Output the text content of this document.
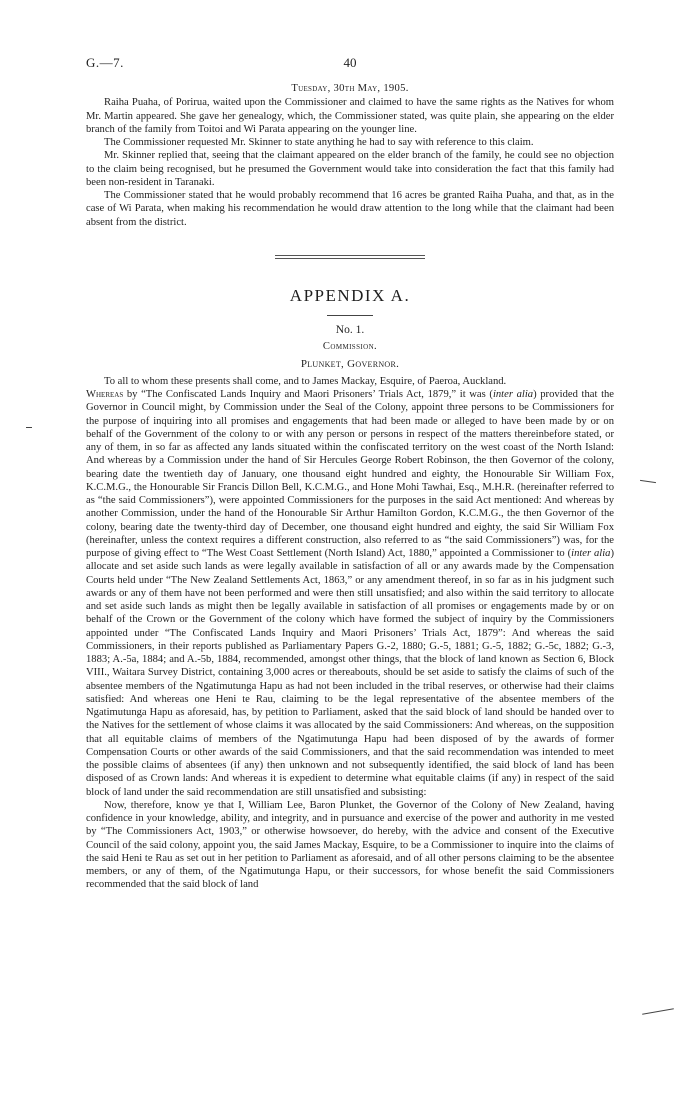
G.—7.	40
Tuesday, 30th May, 1905.

Raiha Puaha, of Porirua, waited upon the Commissioner and claimed to have the same rights as the Natives for whom Mr. Martin appeared. She gave her genealogy, which, the Commissioner stated, was quite plain, she appearing on the elder branch of the family from Toitoi and Wi Parata appearing on the younger line.

The Commissioner requested Mr. Skinner to state anything he had to say with reference to this claim.

Mr. Skinner replied that, seeing that the claimant appeared on the elder branch of the family, he could see no objection to the claim being recognised, but he presumed the Government would take into consideration the fact that this family had been non-resident in Taranaki.

The Commissioner stated that he would probably recommend that 16 acres be granted Raiha Puaha, and that, as in the case of Wi Parata, when making his recommendation he would draw attention to the long while that the claimant had been absent from the district.

APPENDIX A.
No. 1.
Commission.
Plunket, Governor.

To all to whom these presents shall come, and to James Mackay, Esquire, of Paeroa, Auckland.

Whereas by “The Confiscated Lands Inquiry and Maori Prisoners’ Trials Act, 1879,” it was (inter alia) provided that the Governor in Council might, by Commission under the Seal of the Colony, appoint three persons to be Commissioners for the purpose of inquiring into all promises and engagements that had been made or alleged to have been made by or on behalf of the Government of the colony to or with any person or persons in respect of the matters thereinbefore stated, or any of them, in so far as affected any lands situated within the confiscated territory on the west coast of the North Island: And whereas by a Commission under the hand of Sir Hercules George Robert Robinson, the then Governor of the colony, bearing date the twentieth day of January, one thousand eight hundred and eighty, the Honourable Sir William Fox, K.C.M.G., the Honourable Sir Francis Dillon Bell, K.C.M.G., and Hone Mohi Tawhai, Esq., M.H.R. (hereinafter referred to as “the said Commissioners”), were appointed Commissioners for the purposes in the said Act mentioned: And whereas by another Commission, under the hand of the Honourable Sir Arthur Hamilton Gordon, K.C.M.G., the then Governor of the colony, bearing date the twenty-third day of December, one thousand eight hundred and eighty, the said Sir William Fox (hereinafter, unless the context requires a different construction, also referred to as “the said Commissioners”) was, for the purpose of giving effect to “The West Coast Settlement (North Island) Act, 1880,” appointed a Commissioner to (inter alia) allocate and set aside such lands as were legally available in satisfaction of all or any awards made by the Compensation Courts held under “The New Zealand Settlements Act, 1863,” or any amendment thereof, in so far as in his judgment such awards or any of them have not been performed and were then still unsatisfied; and also within the said territory to allocate and set aside such lands as might then be legally available in satisfaction of all promises or engagements made by or on behalf of the Crown or the Government of the colony which have formed the subject of inquiry by the Commissioners appointed under “The Confiscated Lands Inquiry and Maori Prisoners’ Trials Act, 1879”: And whereas the said Commissioners, in their reports published as Parliamentary Papers G.-2, 1880; G.-5, 1881; G.-5, 1882; G.-5c, 1882; G.-3, 1883; A.-5a, 1884; and A.-5b, 1884, recommended, amongst other things, that the block of land known as Section 6, Block VIII., Waitara Survey District, containing 3,000 acres or thereabouts, should be set aside to satisfy the claims of such of the absentee members of the Ngatimutunga Hapu as had not been included in the tribal reserves, or otherwise had their claims satisfied: And whereas one Heni te Rau, claiming to be the legal representative of the absentee members of the Ngatimutunga Hapu as aforesaid, has, by petition to Parliament, asked that the said block of land should be handed over to the Natives for the settlement of whose claims it was allocated by the said Commissioners: And whereas, on the supposition that all equitable claims of members of the Ngatimutunga Hapu had been disposed of by the awards of former Compensation Courts or other awards of the said Commissioners, and that the said recommendation was intended to meet the possible claims of absentees (if any) then unknown and not subsequently identified, the said block of land has been disposed of as Crown lands: And whereas it is expedient to determine what equitable claims (if any) in respect of the said block of land under the said recommendation are still unsatisfied and subsisting:

Now, therefore, know ye that I, William Lee, Baron Plunket, the Governor of the Colony of New Zealand, having confidence in your knowledge, ability, and integrity, and in pursuance and exercise of the power and authority in me vested by “The Commissioners Act, 1903,” or otherwise howsoever, do hereby, with the advice and consent of the Executive Council of the said colony, appoint you, the said James Mackay, Esquire, to be a Commissioner to inquire into the claims of the said Heni te Rau as set out in her petition to Parliament as aforesaid, and of all other persons claiming to be the absentee members, or any of them, of the Ngatimutunga Hapu, or their successors, for whose benefit the said Commissioners recommended that the said block of land
